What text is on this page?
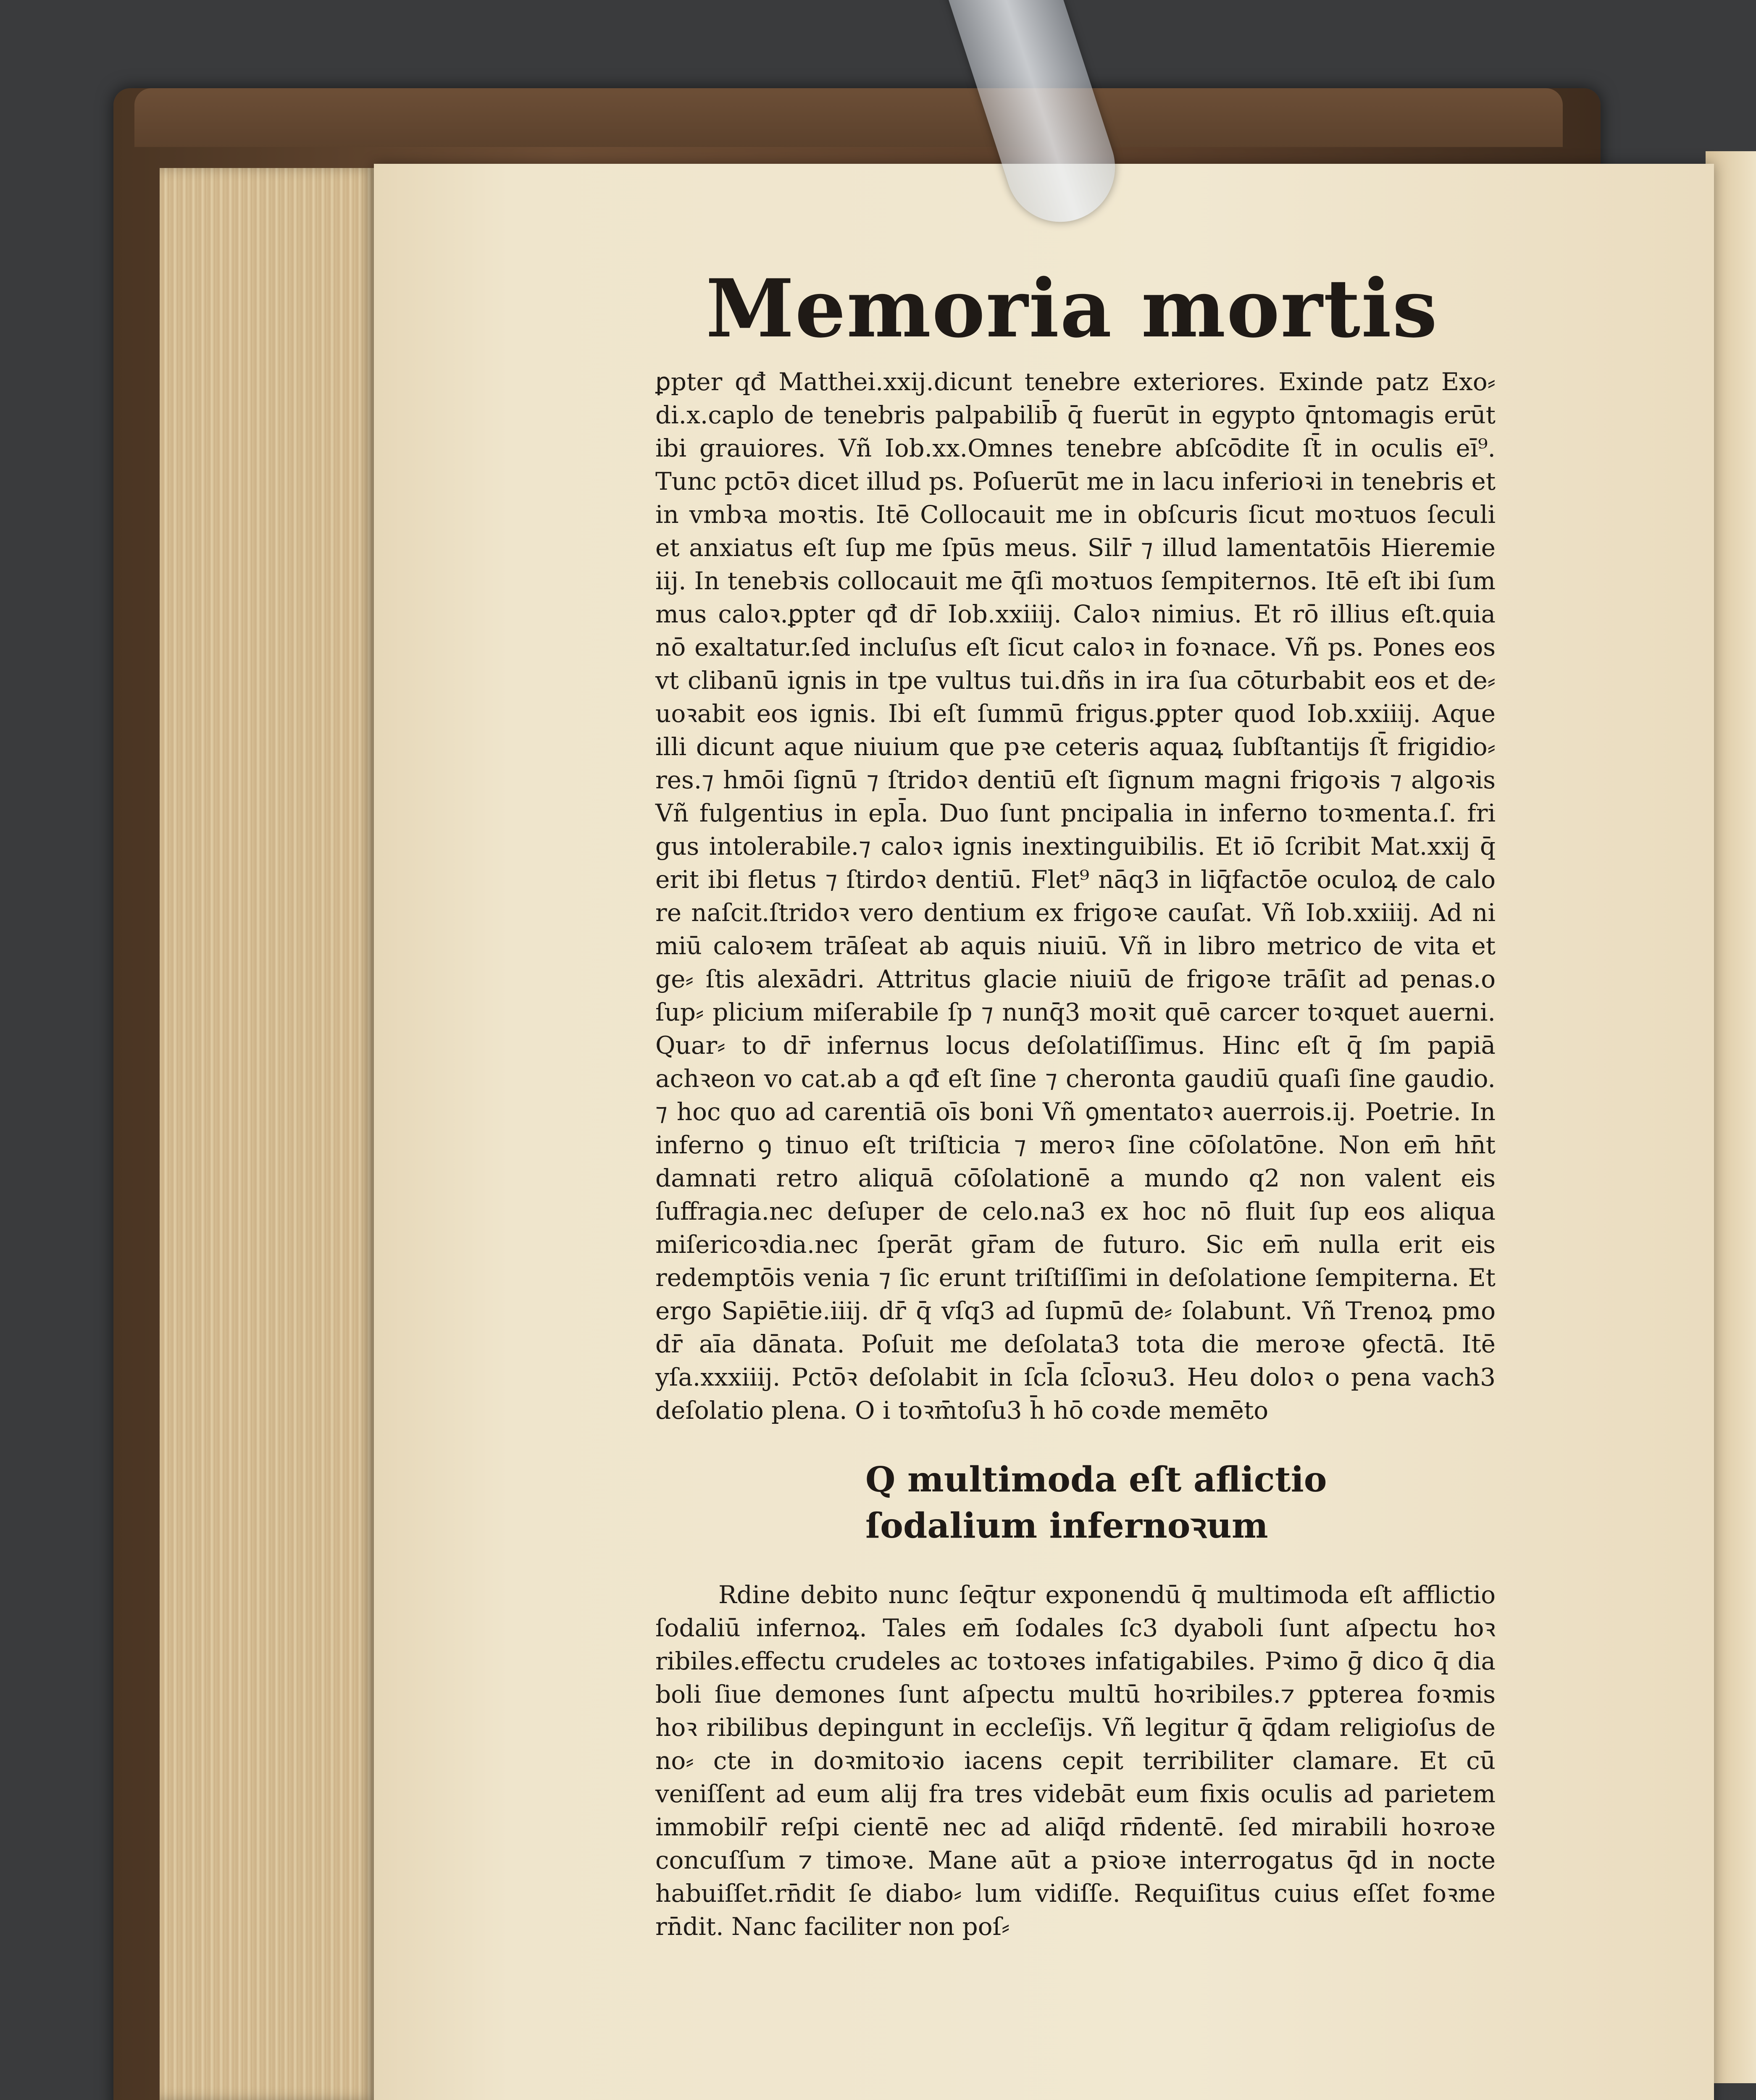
Memoria mortis

ꝑpter qđ Matthei.xxij.dicunt tenebre exteriores. Exinde patz Exo⸗ di.x.caplo de tenebris palpabilib̄ q̄ fuerūt in egypto q̄ntomagis erūt ibi grauiores. Vñ Iob.xx.Omnes tenebre abſcōdite ſt̄ in oculis eī⁹. Tunc pctōꝛ dicet illud ps. Poſuerūt me in lacu inferioꝛi in tenebris et in vmbꝛa moꝛtis. Itē Collocauit me in obſcuris ſicut moꝛtuos ſeculi et anxiatus eſt ſup me ſpūs meus. Silr̄ ⁊ illud lamentatōis Hieremie iij. In tenebꝛis collocauit me q̄ſi moꝛtuos ſempiternos. Itē eſt ibi ſum mus caloꝛ.ꝑpter qđ dr̄ Iob.xxiiij. Caloꝛ nimius. Et rō illius eſt.quia nō exaltatur.ſed incluſus eſt ſicut caloꝛ in foꝛnace. Vñ ps. Pones eos vt clibanū ignis in tpe vultus tui.dñs in ira ſua cōturbabit eos et de⸗ uoꝛabit eos ignis. Ibi eſt ſummū frigus.ꝑpter quod Iob.xxiiij. Aque illi dicunt aque niuium que pꝛe ceteris aquaꝝ ſubſtantijs ſt̄ frigidio⸗ res.⁊ hmōi ſignū ⁊ ſtridoꝛ dentiū eſt ſignum magni frigoꝛis ⁊ algoꝛis Vñ fulgentius in epl̄a. Duo ſunt pncipalia in inferno toꝛmenta.ſ. fri gus intolerabile.⁊ caloꝛ ignis inextinguibilis. Et iō ſcribit Mat.xxij q̄ erit ibi fletus ⁊ ſtirdoꝛ dentiū. Flet⁹ nāq3 in liq̄factōe oculoꝝ de calo re naſcit.ſtridoꝛ vero dentium ex frigoꝛe cauſat. Vñ Iob.xxiiij. Ad ni miū caloꝛem trāſeat ab aquis niuiū. Vñ in libro metrico de vita et ge⸗ ſtis alexādri. Attritus glacie niuiū de frigoꝛe trāſit ad penas.o ſup⸗ plicium miſerabile ſp ⁊ nunq̄3 moꝛit quē carcer toꝛquet auerni. Quar⸗ to dr̄ infernus locus deſolatiſſimus. Hinc eſt q̄ ſm papiā achꝛeon vo cat.ab a qđ eſt ſine ⁊ cheronta gaudiū quaſi ſine gaudio. ⁊ hoc quo ad carentiā oīs boni Vñ ꝯmentatoꝛ auerrois.ij. Poetrie. In inferno ꝯ tinuo eſt triſticia ⁊ meroꝛ ſine cōſolatōne. Non em̄ hn̄t damnati retro aliquā cōſolationē a mundo q2 non valent eis ſuffragia.nec deſuper de celo.na3 ex hoc nō fluit ſup eos aliqua miſericoꝛdia.nec ſperāt gr̄am de futuro. Sic em̄ nulla erit eis redemptōis venia ⁊ ſic erunt triſtiſſimi in deſolatione ſempiterna. Et ergo Sapiētie.iiij. dr̄ q̄ vſq3 ad ſupmū de⸗ ſolabunt. Vñ Trenoꝝ pmo dr̄ aīa dānata. Poſuit me deſolata3 tota die meroꝛe ꝯfectā. Itē yſa.xxxiiij. Pctōꝛ deſolabit in ſcl̄a ſcl̄oꝛu3. Heu doloꝛ o pena vach3 deſolatio plena. O i toꝛm̄toſu3 h̄ hō coꝛde memēto

Q multimoda eſt aflictio
ſodalium infernoꝛum

Rdine debito nunc ſeq̄tur exponendū q̄ multimoda eſt afflictio ſodaliū infernoꝝ. Tales em̄ ſodales ſc3 dyaboli ſunt aſpectu hoꝛ ribiles.effectu crudeles ac toꝛtoꝛes infatigabiles. Pꝛimo ḡ dico q̄ dia boli ſiue demones ſunt aſpectu multū hoꝛribiles.⁊ ꝑpterea foꝛmis hoꝛ ribilibus depingunt in eccleſijs. Vñ legitur q̄ q̄dam religioſus de no⸗ cte in doꝛmitoꝛio iacens cepit terribiliter clamare. Et cū veniſſent ad eum alij fra tres videbāt eum fixis oculis ad parietem immobilr̄ reſpi cientē nec ad aliq̄d rn̄dentē. ſed mirabili hoꝛroꝛe concuſſum ⁊ timoꝛe. Mane aūt a pꝛioꝛe interrogatus q̄d in nocte habuiſſet.rn̄dit ſe diabo⸗ lum vidiſſe. Requiſitus cuius eſſet foꝛme rn̄dit. Nanc faciliter non poſ⸗
